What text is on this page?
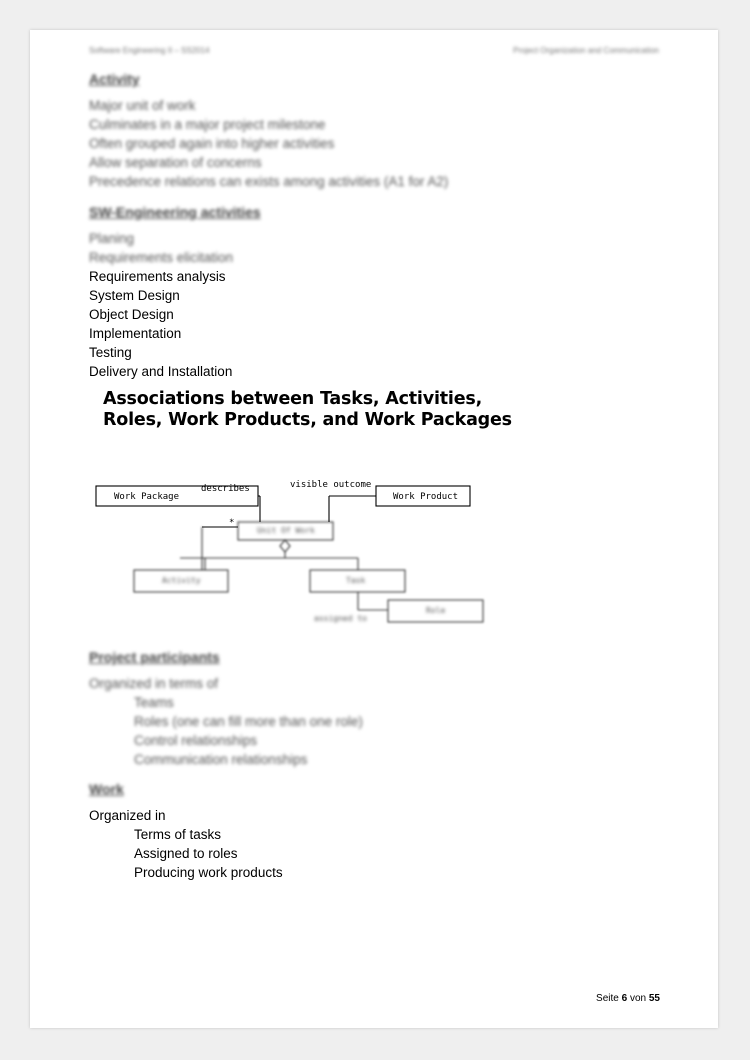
Software Engineering II – SS2014	Project Organization and Communication
Activity
Major unit of work
Culminates in a major project milestone
Often grouped again into higher activities
Allow separation of concerns
Precedence relations can exists among activities (A1 for A2)
SW-Engineering activities
Planing
Requirements elicitation
Requirements analysis
System Design
Object Design
Implementation
Testing
Delivery and Installation
Associations between Tasks, Activities,
Roles, Work Products, and Work Packages
describes	visible outcome
Work Package	Work Product
*
Unit Of Work
Activity	Task
Role
assigned to
Project participants
Organized in terms of
Teams
Roles (one can fill more than one role)
Control relationships
Communication relationships
Work
Organized in
Terms of tasks
Assigned to roles
Producing work products
Seite 6 von 55
